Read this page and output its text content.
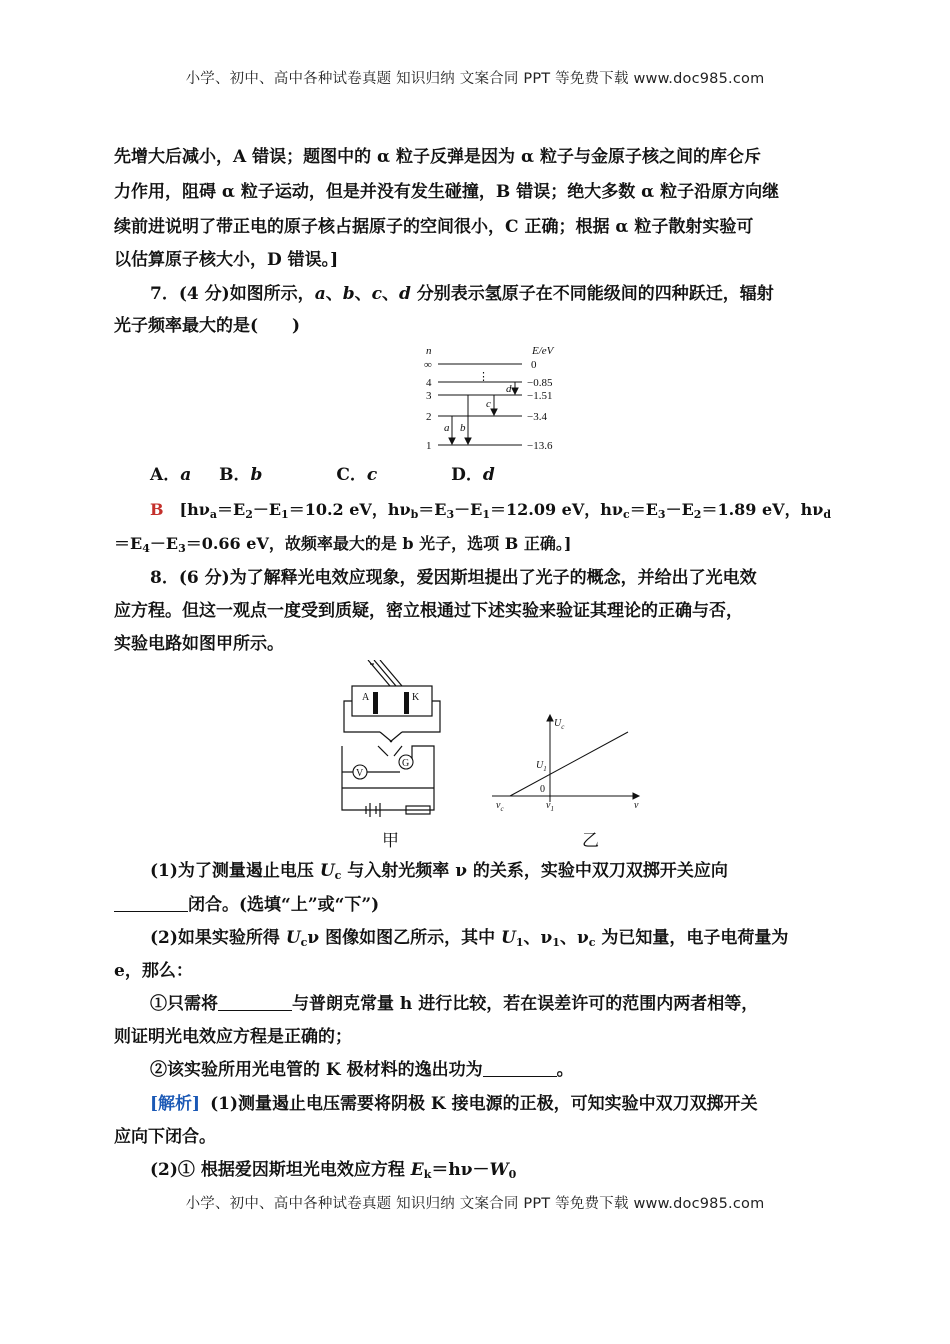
小学、初中、高中各种试卷真题 知识归纳 文案合同 PPT 等免费下载 www.doc985.com
小学、初中、高中各种试卷真题 知识归纳 文案合同 PPT 等免费下载 www.doc985.com
先增大后减小，A 错误；题图中的 α 粒子反弹是因为 α 粒子与金原子核之间的库仑斥
力作用，阻碍 α 粒子运动，但是并没有发生碰撞，B 错误；绝大多数 α 粒子沿原方向继
续前进说明了带正电的原子核占据原子的空间很小，C 正确；根据 α 粒子散射实验可
以估算原子核大小，D 错误。]
7．(4 分)如图所示，a、b、c、d 分别表示氢原子在不同能级间的四种跃迁，辐射
光子频率最大的是(　　)
n	E/eV
∞	0
⋮
4	−0.85
3	−1.51
2	−3.4
1	−13.6
a b
c
d
A．a B．b	C．c	D．d
B [$h\nu_a=E_2-E_1=10.2$ eV，$h\nu_b=E_3-E_1=12.09$ eV，$h\nu_c=E_3-E_2=1.89$ eV，$h\nu_d$
$=E_4-E_3=0.66$ eV，故频率最大的是 b 光子，选项 B 正确。]
8．(6 分)为了解释光电效应现象，爱因斯坦提出了光子的概念，并给出了光电效
应方程。但这一观点一度受到质疑，密立根通过下述实验来验证其理论的正确与否，
实验电路如图甲所示。
A	K
V
G
甲
$U_c$
$U_1$
$\nu_c$	$\nu_1$	ν
0
乙
(1)为了测量遏止电压 $U_c$ 与入射光频率 ν 的关系，实验中双刀双掷开关应向
闭合。(选填“上”或“下”)
(2)如果实验所得 $U_c\nu$ 图像如图乙所示，其中 $U_1$、$\nu_1$、$\nu_c$ 为已知量，电子电荷量为
e，那么：
①只需将	与普朗克常量 h 进行比较，若在误差许可的范围内两者相等，
则证明光电效应方程是正确的；
②该实验所用光电管的 K 极材料的逸出功为	。
[解析] (1)测量遏止电压需要将阴极 K 接电源的正极，可知实验中双刀双掷开关
应向下闭合。
(2)① 根据爱因斯坦光电效应方程 $E_k=h\nu-W_0$
